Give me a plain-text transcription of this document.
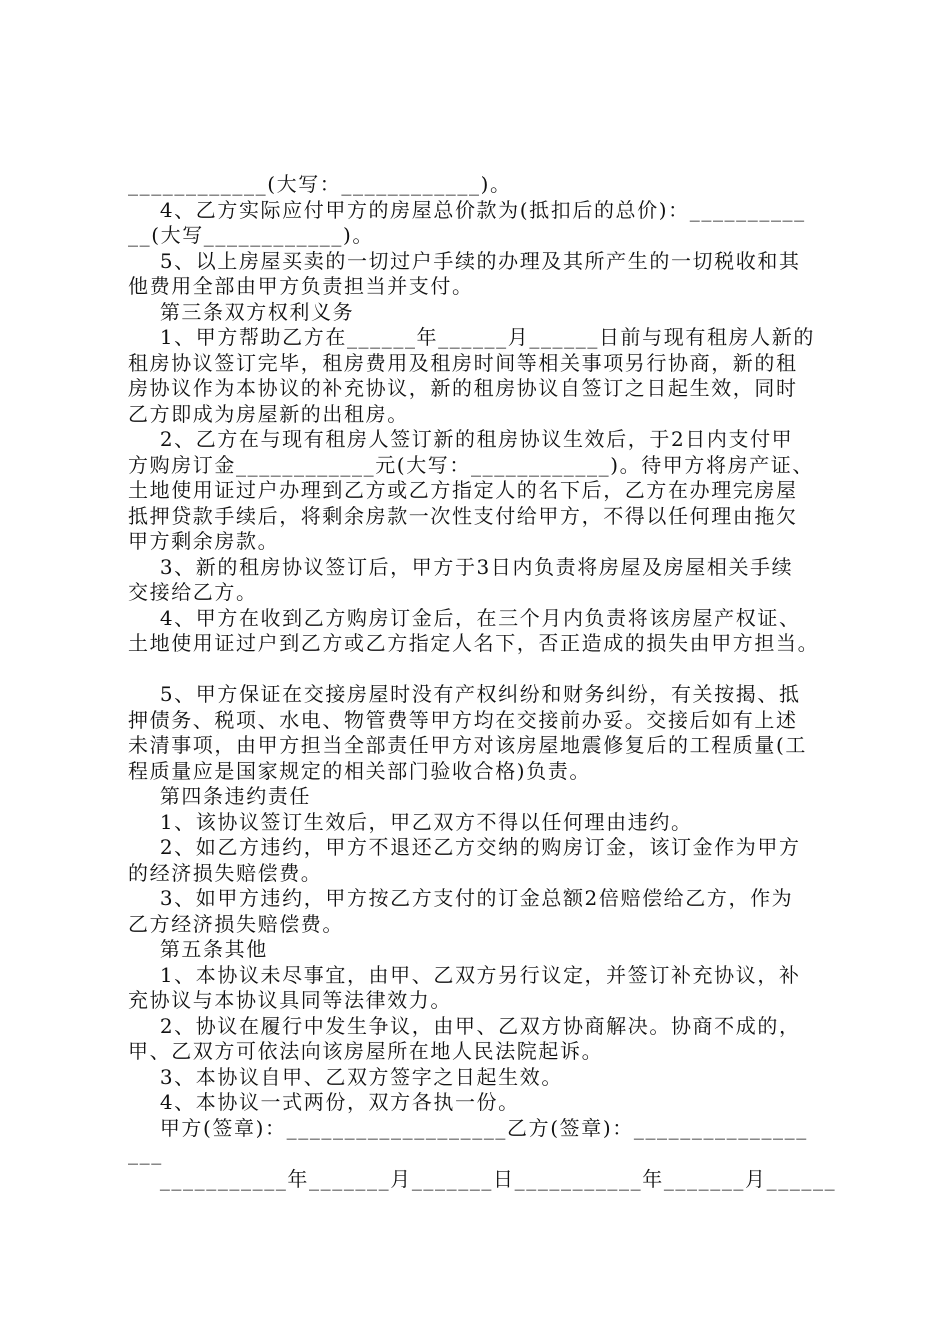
____________(大写：____________)。
4、乙方实际应付甲方的房屋总价款为(抵扣后的总价)：__________
__(大写____________)。
5、以上房屋买卖的一切过户手续的办理及其所产生的一切税收和其
他费用全部由甲方负责担当并支付。
第三条双方权利义务
1、甲方帮助乙方在______年______月______日前与现有租房人新的
租房协议签订完毕，租房费用及租房时间等相关事项另行协商，新的租
房协议作为本协议的补充协议，新的租房协议自签订之日起生效，同时
乙方即成为房屋新的出租房。
2、乙方在与现有租房人签订新的租房协议生效后，于2日内支付甲
方购房订金____________元(大写：____________)。待甲方将房产证、
土地使用证过户办理到乙方或乙方指定人的名下后，乙方在办理完房屋
抵押贷款手续后，将剩余房款一次性支付给甲方，不得以任何理由拖欠
甲方剩余房款。
3、新的租房协议签订后，甲方于3日内负责将房屋及房屋相关手续
交接给乙方。
4、甲方在收到乙方购房订金后，在三个月内负责将该房屋产权证、
土地使用证过户到乙方或乙方指定人名下，否正造成的损失由甲方担当。
5、甲方保证在交接房屋时没有产权纠纷和财务纠纷，有关按揭、抵
押债务、税项、水电、物管费等甲方均在交接前办妥。交接后如有上述
未清事项，由甲方担当全部责任甲方对该房屋地震修复后的工程质量(工
程质量应是国家规定的相关部门验收合格)负责。
第四条违约责任
1、该协议签订生效后，甲乙双方不得以任何理由违约。
2、如乙方违约，甲方不退还乙方交纳的购房订金，该订金作为甲方
的经济损失赔偿费。
3、如甲方违约，甲方按乙方支付的订金总额2倍赔偿给乙方，作为
乙方经济损失赔偿费。
第五条其他
1、本协议未尽事宜，由甲、乙双方另行议定，并签订补充协议，补
充协议与本协议具同等法律效力。
2、协议在履行中发生争议，由甲、乙双方协商解决。协商不成的，
甲、乙双方可依法向该房屋所在地人民法院起诉。
3、本协议自甲、乙双方签字之日起生效。
4、本协议一式两份，双方各执一份。
甲方(签章)：___________________乙方(签章)：_______________
___
___________年_______月_______日___________年_______月______
